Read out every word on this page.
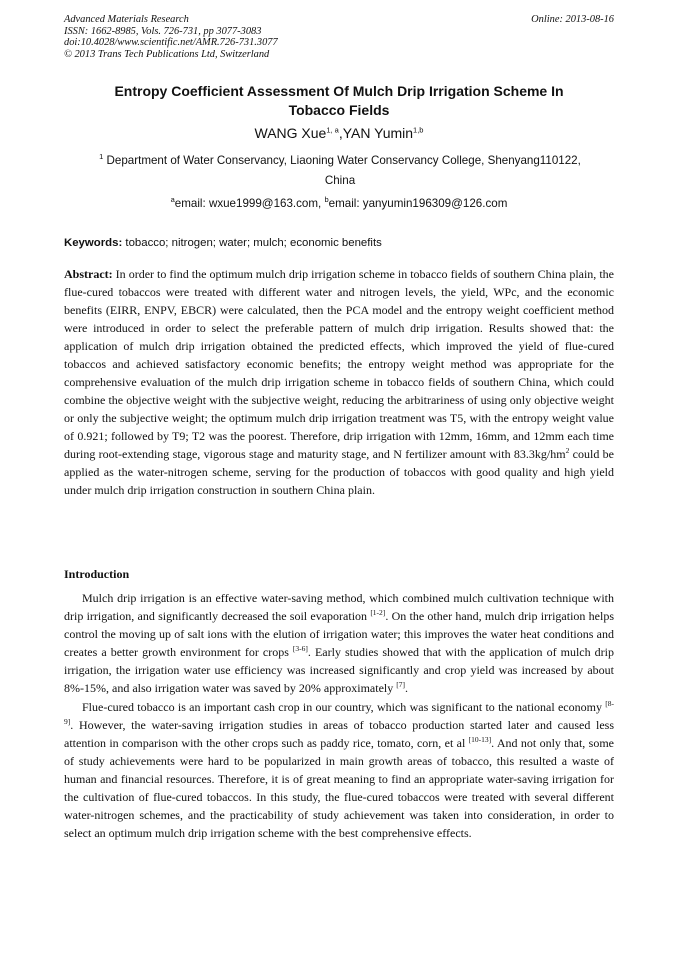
Advanced Materials Research
ISSN: 1662-8985, Vols. 726-731, pp 3077-3083
doi:10.4028/www.scientific.net/AMR.726-731.3077
© 2013 Trans Tech Publications Ltd, Switzerland
Online: 2013-08-16
Entropy Coefficient Assessment Of Mulch Drip Irrigation Scheme In
Tobacco Fields
WANG Xue$^{1, a}$,YAN Yumin$^{1,b}$
$^1$ Department of Water Conservancy, Liaoning Water Conservancy College, Shenyang110122,
China
$^a$email: wxue1999@163.com, $^b$email: yanyumin196309@126.com
Keywords: tobacco; nitrogen; water; mulch; economic benefits
Abstract: In order to find the optimum mulch drip irrigation scheme in tobacco fields of southern China plain, the flue-cured tobaccos were treated with different water and nitrogen levels, the yield, WPc, and the economic benefits (EIRR, ENPV, EBCR) were calculated, then the PCA model and the entropy weight coefficient method were introduced in order to select the preferable pattern of mulch drip irrigation. Results showed that: the application of mulch drip irrigation obtained the predicted effects, which improved the yield of flue-cured tobaccos and achieved satisfactory economic benefits; the entropy weight method was appropriate for the comprehensive evaluation of the mulch drip irrigation scheme in tobacco fields of southern China, which could combine the objective weight with the subjective weight, reducing the arbitrariness of using only objective weight or only the subjective weight; the optimum mulch drip irrigation treatment was T5, with the entropy weight value of 0.921; followed by T9; T2 was the poorest. Therefore, drip irrigation with 12mm, 16mm, and 12mm each time during root-extending stage, vigorous stage and maturity stage, and N fertilizer amount with $83.3kg/hm^2$ could be applied as the water-nitrogen scheme, serving for the production of tobaccos with good quality and high yield under mulch drip irrigation construction in southern China plain.
Introduction

Mulch drip irrigation is an effective water-saving method, which combined mulch cultivation technique with drip irrigation, and significantly decreased the soil evaporation [1-2]. On the other hand, mulch drip irrigation helps control the moving up of salt ions with the elution of irrigation water; this improves the water heat conditions and creates a better growth environment for crops [3-6]. Early studies showed that with the application of mulch drip irrigation, the irrigation water use efficiency was increased significantly and crop yield was increased by about 8%-15%, and also irrigation water was saved by 20% approximately [7].

Flue-cured tobacco is an important cash crop in our country, which was significant to the national economy [8-9]. However, the water-saving irrigation studies in areas of tobacco production started later and caused less attention in comparison with the other crops such as paddy rice, tomato, corn, et al [10-13]. And not only that, some of study achievements were hard to be popularized in main growth areas of tobacco, this resulted a waste of human and financial resources. Therefore, it is of great meaning to find an appropriate water-saving irrigation for the cultivation of flue-cured tobaccos. In this study, the flue-cured tobaccos were treated with several different water-nitrogen schemes, and the practicability of study achievement was taken into consideration, in order to select an optimum mulch drip irrigation scheme with the best comprehensive effects.
